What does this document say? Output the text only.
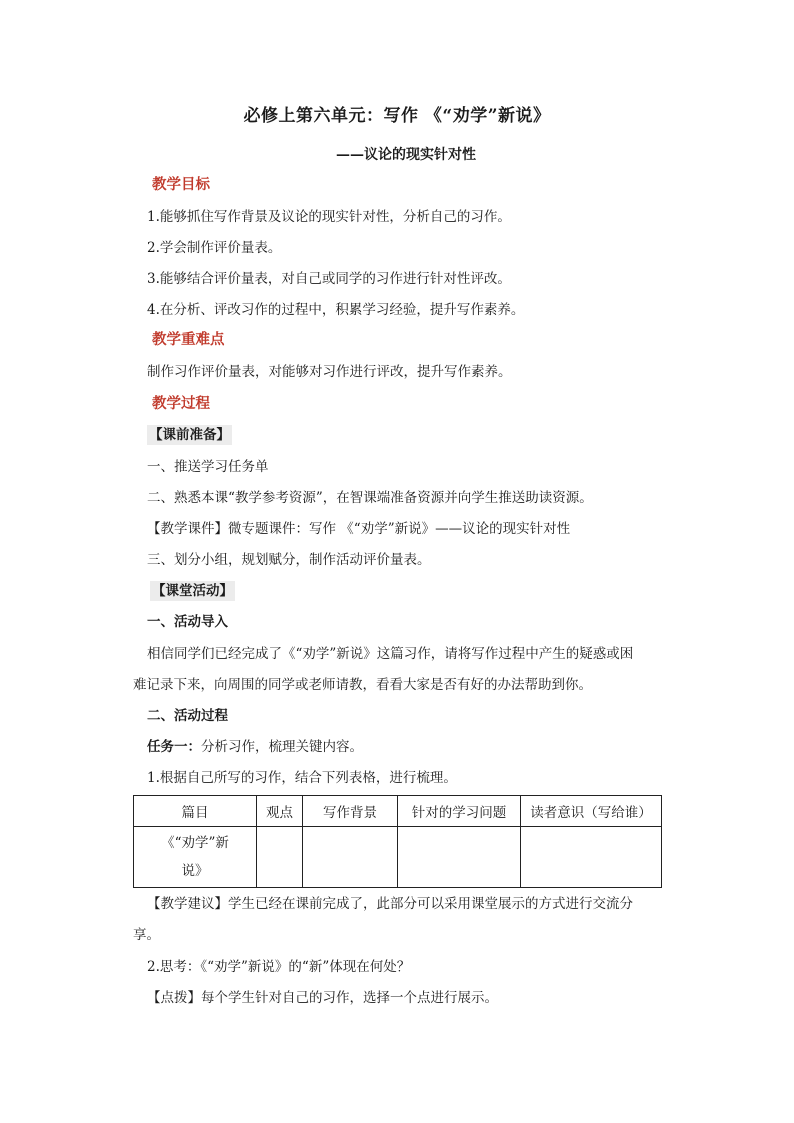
必修上第六单元：写作 《“劝学”新说》
——议论的现实针对性
教学目标
1.能够抓住写作背景及议论的现实针对性，分析自己的习作。
2.学会制作评价量表。
3.能够结合评价量表，对自己或同学的习作进行针对性评改。
4.在分析、评改习作的过程中，积累学习经验，提升写作素养。
教学重难点
制作习作评价量表，对能够对习作进行评改，提升写作素养。
教学过程
【课前准备】
一、推送学习任务单
二、熟悉本课“教学参考资源”，在智课端准备资源并向学生推送助读资源。
【教学课件】微专题课件：写作 《“劝学”新说》——议论的现实针对性
三、划分小组，规划赋分，制作活动评价量表。
【课堂活动】
一、活动导入
相信同学们已经完成了《“劝学”新说》这篇习作，请将写作过程中产生的疑惑或困
难记录下来，向周围的同学或老师请教，看看大家是否有好的办法帮助到你。
二、活动过程
任务一：分析习作，梳理关键内容。
1.根据自己所写的习作，结合下列表格，进行梳理。
篇目	观点	写作背景	针对的学习问题	读者意识（写给谁）

《“劝学”新
说》				

【教学建议】学生已经在课前完成了，此部分可以采用课堂展示的方式进行交流分
享。
2.思考：《“劝学”新说》的“新”体现在何处？
【点拨】每个学生针对自己的习作，选择一个点进行展示。
